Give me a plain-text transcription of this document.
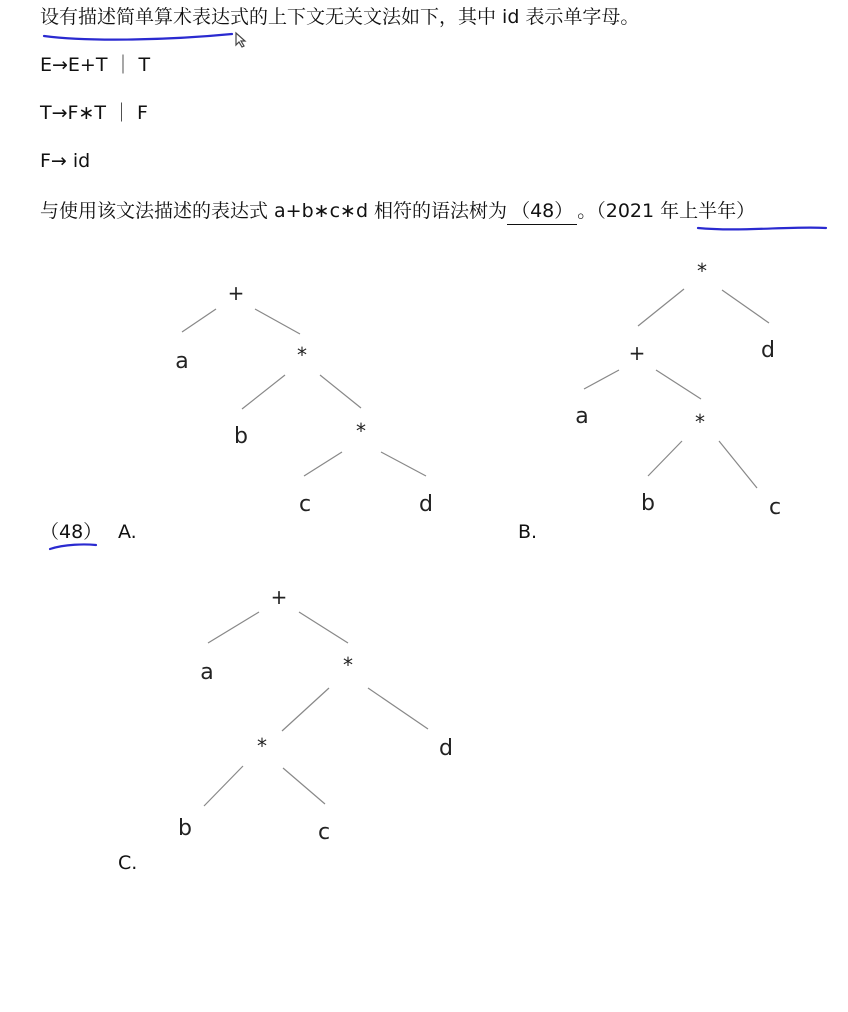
设有描述简单算术表达式的上下文无关文法如下，其中 id 表示单字母。
E→E+T ｜ T
T→F∗T ｜ F
F→ id
与使用该文法描述的表达式 a+b∗c∗d 相符的语法树为 （48） 。（2021 年上半年）
（48） A.	B.
C.
+
a	*
b	*
c	d
*
+	d
a	*
b	c
+
a	*
*	d
b	c
